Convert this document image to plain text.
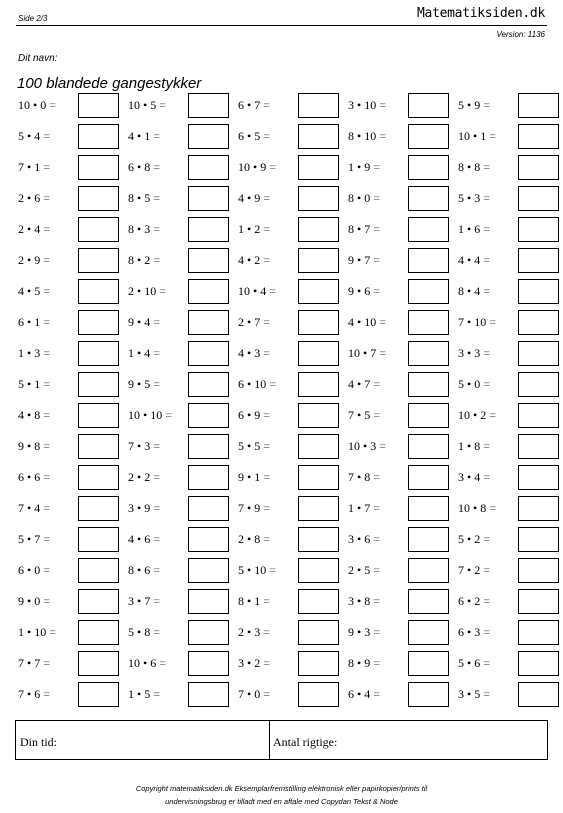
Side 2/3	Matematiksiden.dk
Version: 1136
Dit navn:
100 blandede gangestykker
10 • 0 =	10 • 5 =	6 • 7 =	3 • 10 =	5 • 9 =
5 • 4 =	4 • 1 =	6 • 5 =	8 • 10 =	10 • 1 =
7 • 1 =	6 • 8 =	10 • 9 =	1 • 9 =	8 • 8 =
2 • 6 =	8 • 5 =	4 • 9 =	8 • 0 =	5 • 3 =
2 • 4 =	8 • 3 =	1 • 2 =	8 • 7 =	1 • 6 =
2 • 9 =	8 • 2 =	4 • 2 =	9 • 7 =	4 • 4 =
4 • 5 =	2 • 10 =	10 • 4 =	9 • 6 =	8 • 4 =
6 • 1 =	9 • 4 =	2 • 7 =	4 • 10 =	7 • 10 =
1 • 3 =	1 • 4 =	4 • 3 =	10 • 7 =	3 • 3 =
5 • 1 =	9 • 5 =	6 • 10 =	4 • 7 =	5 • 0 =
4 • 8 =	10 • 10 =	6 • 9 =	7 • 5 =	10 • 2 =
9 • 8 =	7 • 3 =	5 • 5 =	10 • 3 =	1 • 8 =
6 • 6 =	2 • 2 =	9 • 1 =	7 • 8 =	3 • 4 =
7 • 4 =	3 • 9 =	7 • 9 =	1 • 7 =	10 • 8 =
5 • 7 =	4 • 6 =	2 • 8 =	3 • 6 =	5 • 2 =
6 • 0 =	8 • 6 =	5 • 10 =	2 • 5 =	7 • 2 =
9 • 0 =	3 • 7 =	8 • 1 =	3 • 8 =	6 • 2 =
1 • 10 =	5 • 8 =	2 • 3 =	9 • 3 =	6 • 3 =
7 • 7 =	10 • 6 =	3 • 2 =	8 • 9 =	5 • 6 =
7 • 6 =	1 • 5 =	7 • 0 =	6 • 4 =	3 • 5 =
Din tid:	Antal rigtige:
Copyright matematiksiden.dk Eksemplarfremstilling elektronisk eller papirkopier/prints til
undervisningsbrug er tilladt med en aftale med Copydan Tekst & Node
